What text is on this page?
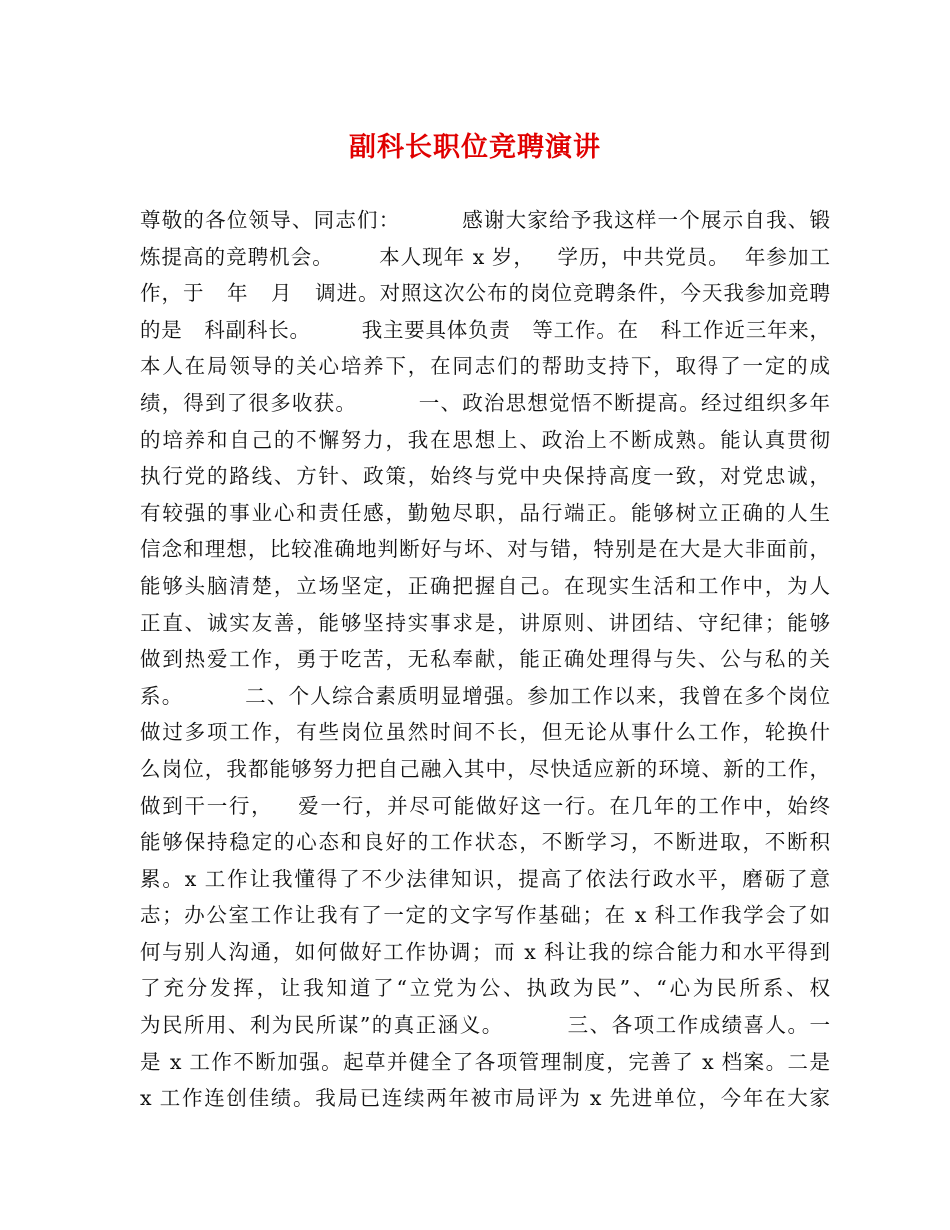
副科长职位竞聘演讲
尊敬的各位领导、同志们：        感谢大家给予我这样一个展示自我、锻
炼提高的竞聘机会。      本人现年 x 岁，   学历，中共党员。  年参加工
作，于   年   月   调进。对照这次公布的岗位竞聘条件，今天我参加竞聘
的是   科副科长。       我主要具体负责   等工作。在   科工作近三年来，
本人在局领导的关心培养下，在同志们的帮助支持下，取得了一定的成
绩，得到了很多收获。        一、政治思想觉悟不断提高。经过组织多年
的培养和自己的不懈努力，我在思想上、政治上不断成熟。能认真贯彻
执行党的路线、方针、政策，始终与党中央保持高度一致，对党忠诚，
有较强的事业心和责任感，勤勉尽职，品行端正。能够树立正确的人生
信念和理想，比较准确地判断好与坏、对与错，特别是在大是大非面前，
能够头脑清楚，立场坚定，正确把握自己。在现实生活和工作中，为人
正直、诚实友善，能够坚持实事求是，讲原则、讲团结、守纪律；能够
做到热爱工作，勇于吃苦，无私奉献，能正确处理得与失、公与私的关
系。        二、个人综合素质明显增强。参加工作以来，我曾在多个岗位
做过多项工作，有些岗位虽然时间不长，但无论从事什么工作，轮换什
么岗位，我都能够努力把自己融入其中，尽快适应新的环境、新的工作，
做到干一行，   爱一行，并尽可能做好这一行。在几年的工作中，始终
能够保持稳定的心态和良好的工作状态，不断学习，不断进取，不断积
累。x 工作让我懂得了不少法律知识，提高了依法行政水平，磨砺了意
志；办公室工作让我有了一定的文字写作基础；在 x 科工作我学会了如
何与别人沟通，如何做好工作协调；而 x 科让我的综合能力和水平得到
了充分发挥，让我知道了“立党为公、执政为民”、“心为民所系、权
为民所用、利为民所谋”的真正涵义。        三、各项工作成绩喜人。一
是 x 工作不断加强。起草并健全了各项管理制度，完善了 x 档案。二是
x 工作连创佳绩。我局已连续两年被市局评为 x 先进单位，今年在大家
